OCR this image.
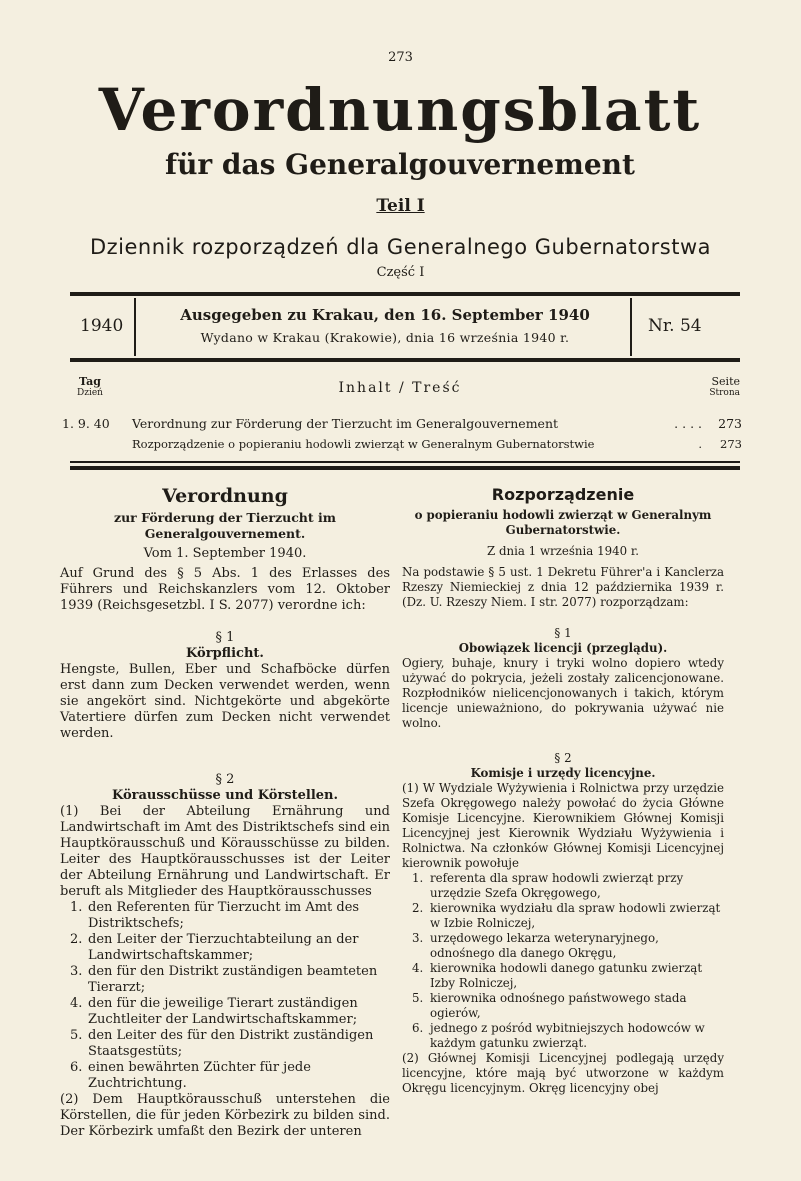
273
Verordnungsblatt
für das Generalgouvernement
Teil I
Dziennik rozporządzeń dla Generalnego Gubernatorstwa
Część I
1940
Ausgegeben zu Krakau, den 16. September 1940
Wydano w Krakau (Krakowie), dnia 16 września 1940 r.
Nr. 54
Tag
Dzień	Inhalt / Treść	Seite
Strona
1. 9. 40 Verordnung zur Förderung der Tierzucht im Generalgouvernement	. . . . 273
Rozporządzenie o popieraniu hodowli zwierząt w Generalnym Gubernatorstwie	. 273
Verordnung
zur Förderung der Tierzucht im Generalgouvernement.
Vom 1. September 1940.

Auf Grund des § 5 Abs. 1 des Erlasses des Führers und Reichskanzlers vom 12. Oktober 1939 (Reichsgesetzbl. I S. 2077) verordne ich:

§ 1
Körpflicht.

Hengste, Bullen, Eber und Schafböcke dürfen erst dann zum Decken verwendet werden, wenn sie angekört sind. Nichtgekörte und abgekörte Vatertiere dürfen zum Decken nicht verwendet werden.

§ 2
Körausschüsse und Körstellen.

(1) Bei der Abteilung Ernährung und Landwirtschaft im Amt des Distriktschefs sind ein Hauptkörausschuß und Körausschüsse zu bilden. Leiter des Hauptkörausschusses ist der Leiter der Abteilung Ernährung und Landwirtschaft. Er beruft als Mitglieder des Hauptkörausschusses

1. den Referenten für Tierzucht im Amt des Distriktschefs;
2. den Leiter der Tierzuchtabteilung an der Landwirtschaftskammer;
3. den für den Distrikt zuständigen beamteten Tierarzt;
4. den für die jeweilige Tierart zuständigen Zuchtleiter der Landwirtschaftskammer;
5. den Leiter des für den Distrikt zuständigen Staatsgestüts;
6. einen bewährten Züchter für jede Zuchtrichtung.

(2) Dem Hauptkörausschuß unterstehen die Körstellen, die für jeden Körbezirk zu bilden sind. Der Körbezirk umfaßt den Bezirk der unteren

Rozporządzenie
o popieraniu hodowli zwierząt w Generalnym Gubernatorstwie.
Z dnia 1 września 1940 r.

Na podstawie § 5 ust. 1 Dekretu Führer'a i Kanclerza Rzeszy Niemieckiej z dnia 12 października 1939 r. (Dz. U. Rzeszy Niem. I str. 2077) rozporządzam:

§ 1
Obowiązek licencji (przeglądu).

Ogiery, buhaje, knury i tryki wolno dopiero wtedy używać do pokrycia, jeżeli zostały zalicencjonowane. Rozpłodników nielicencjonowanych i takich, którym licencje unieważniono, do pokrywania używać nie wolno.

§ 2
Komisje i urzędy licencyjne.

(1) W Wydziale Wyżywienia i Rolnictwa przy urzędzie Szefa Okręgowego należy powołać do życia Główne Komisje Licencyjne. Kierownikiem Głównej Komisji Licencyjnej jest Kierownik Wydziału Wyżywienia i Rolnictwa. Na członków Głównej Komisji Licencyjnej kierownik powołuje

1. referenta dla spraw hodowli zwierząt przy urzędzie Szefa Okręgowego,
2. kierownika wydziału dla spraw hodowli zwierząt w Izbie Rolniczej,
3. urzędowego lekarza weterynaryjnego, odnośnego dla danego Okręgu,
4. kierownika hodowli danego gatunku zwierząt Izby Rolniczej,
5. kierownika odnośnego państwowego stada ogierów,
6. jednego z pośród wybitniejszych hodowców w każdym gatunku zwierząt.

(2) Głównej Komisji Licencyjnej podlegają urzędy licencyjne, które mają być utworzone w każdym Okręgu licencyjnym. Okręg licencyjny obej
